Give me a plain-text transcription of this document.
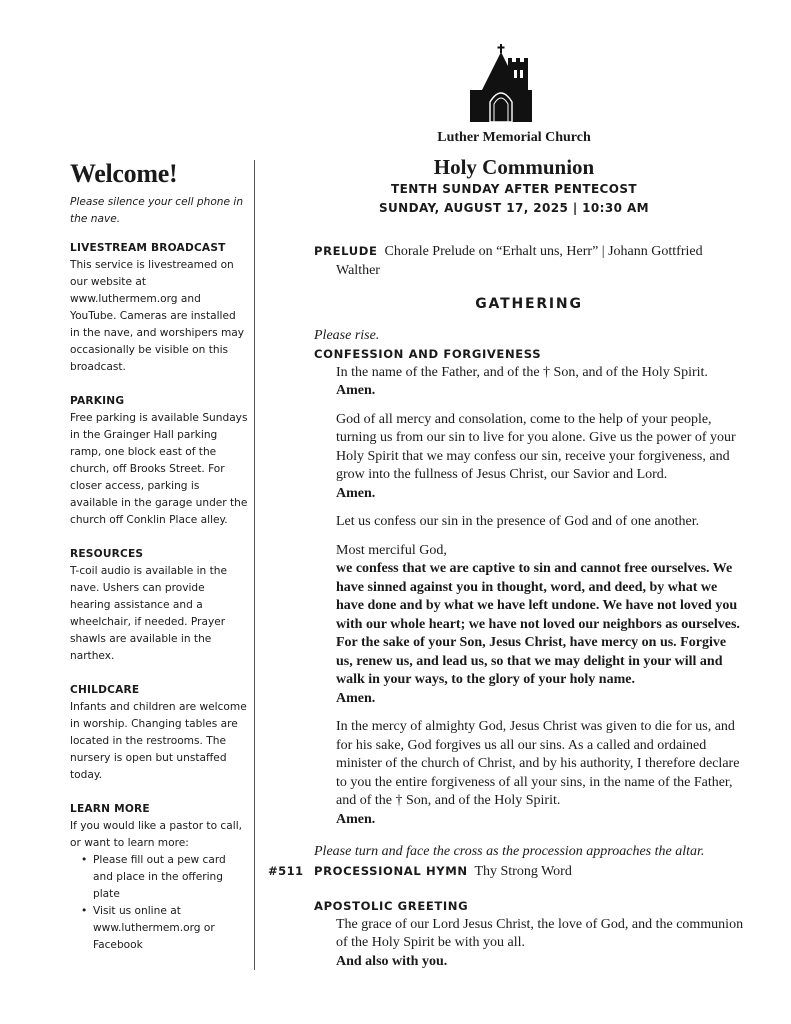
Luther Memorial Church
Holy Communion
TENTH SUNDAY AFTER PENTECOST
SUNDAY, AUGUST 17, 2025 | 10:30 AM
Welcome!
Please silence your cell phone in the nave.
LIVESTREAM BROADCAST
This service is livestreamed on our website at www.luthermem.org and YouTube. Cameras are installed in the nave, and worshipers may occasionally be visible on this broadcast.
PARKING
Free parking is available Sundays in the Grainger Hall parking ramp, one block east of the church, off Brooks Street. For closer access, parking is available in the garage under the church off Conklin Place alley.
RESOURCES
T-coil audio is available in the nave. Ushers can provide hearing assistance and a wheelchair, if needed. Prayer shawls are available in the narthex.
CHILDCARE
Infants and children are welcome in worship. Changing tables are located in the restrooms. The nursery is open but unstaffed today.
LEARN MORE
If you would like a pastor to call, or want to learn more:
• Please fill out a pew card and place in the offering plate
• Visit us online at www.luthermem.org or Facebook
PRELUDE Chorale Prelude on “Erhalt uns, Herr” | Johann Gottfried Walther
GATHERING
Please rise.
CONFESSION AND FORGIVENESS
In the name of the Father, and of the † Son, and of the Holy Spirit.
Amen.
God of all mercy and consolation, come to the help of your people, turning us from our sin to live for you alone. Give us the power of your Holy Spirit that we may confess our sin, receive your forgiveness, and grow into the fullness of Jesus Christ, our Savior and Lord.
Amen.
Let us confess our sin in the presence of God and of one another.
Most merciful God,
we confess that we are captive to sin and cannot free ourselves. We have sinned against you in thought, word, and deed, by what we have done and by what we have left undone. We have not loved you with our whole heart; we have not loved our neighbors as ourselves. For the sake of your Son, Jesus Christ, have mercy on us. Forgive us, renew us, and lead us, so that we may delight in your will and walk in your ways, to the glory of your holy name.
Amen.
In the mercy of almighty God, Jesus Christ was given to die for us, and for his sake, God forgives us all our sins. As a called and ordained minister of the church of Christ, and by his authority, I therefore declare to you the entire forgiveness of all your sins, in the name of the Father, and of the † Son, and of the Holy Spirit.
Amen.
Please turn and face the cross as the procession approaches the altar.
#511 PROCESSIONAL HYMN Thy Strong Word
APOSTOLIC GREETING
The grace of our Lord Jesus Christ, the love of God, and the communion of the Holy Spirit be with you all.
And also with you.
